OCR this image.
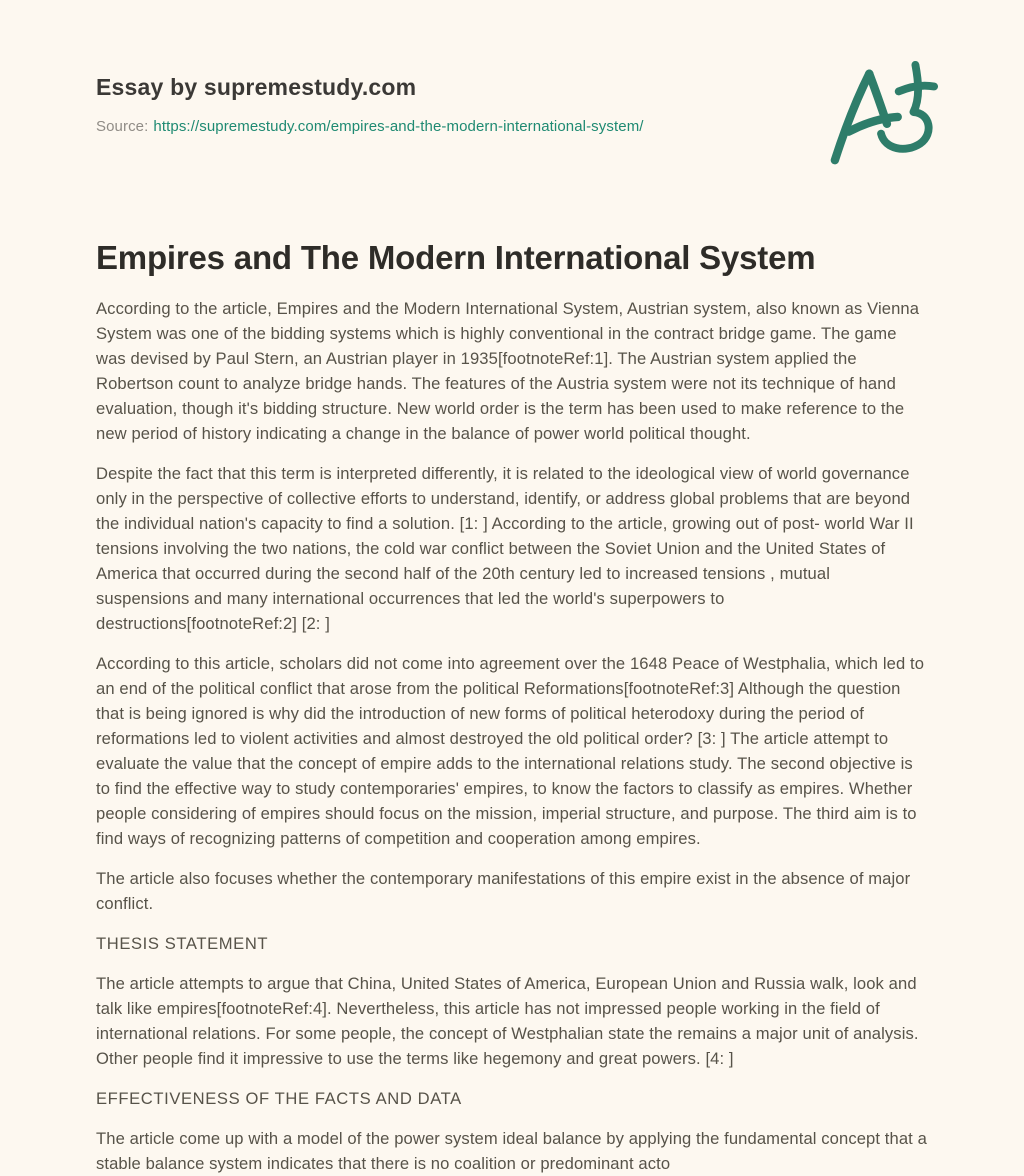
Essay by supremestudy.com
Source: https://supremestudy.com/empires-and-the-modern-international-system/
Empires and The Modern International System

According to the article, Empires and the Modern International System, Austrian system, also known as Vienna System was one of the bidding systems which is highly conventional in the contract bridge game. The game was devised by Paul Stern, an Austrian player in 1935[footnoteRef:1]. The Austrian system applied the Robertson count to analyze bridge hands. The features of the Austria system were not its technique of hand evaluation, though it's bidding structure. New world order is the term has been used to make reference to the new period of history indicating a change in the balance of power world political thought.

Despite the fact that this term is interpreted differently, it is related to the ideological view of world governance only in the perspective of collective efforts to understand, identify, or address global problems that are beyond the individual nation's capacity to find a solution. [1: ] According to the article, growing out of post- world War II tensions involving the two nations, the cold war conflict between the Soviet Union and the United States of America that occurred during the second half of the 20th century led to increased tensions , mutual suspensions and many international occurrences that led the world's superpowers to destructions[footnoteRef:2] [2: ]

According to this article, scholars did not come into agreement over the 1648 Peace of Westphalia, which led to an end of the political conflict that arose from the political Reformations[footnoteRef:3] Although the question that is being ignored is why did the introduction of new forms of political heterodoxy during the period of reformations led to violent activities and almost destroyed the old political order? [3: ] The article attempt to evaluate the value that the concept of empire adds to the international relations study. The second objective is to find the effective way to study contemporaries' empires, to know the factors to classify as empires. Whether people considering of empires should focus on the mission, imperial structure, and purpose. The third aim is to find ways of recognizing patterns of competition and cooperation among empires.

The article also focuses whether the contemporary manifestations of this empire exist in the absence of major conflict.

THESIS STATEMENT

The article attempts to argue that China, United States of America, European Union and Russia walk, look and talk like empires[footnoteRef:4]. Nevertheless, this article has not impressed people working in the field of international relations. For some people, the concept of Westphalian state the remains a major unit of analysis. Other people find it impressive to use the terms like hegemony and great powers. [4: ]

EFFECTIVENESS OF THE FACTS AND DATA

The article come up with a model of the power system ideal balance by applying the fundamental concept that a stable balance system indicates that there is no coalition or predominant acto
